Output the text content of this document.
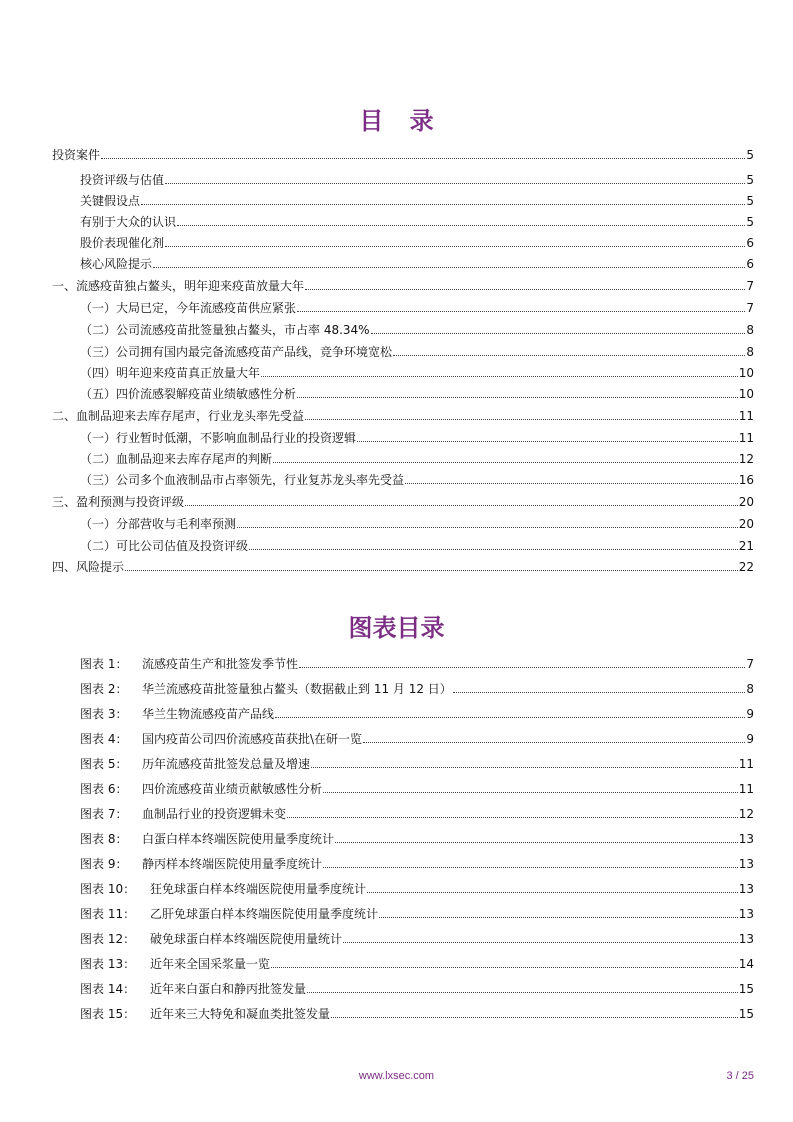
目 录
投资案件	5
投资评级与估值	5
关键假设点	5
有别于大众的认识	5
股价表现催化剂	6
核心风险提示	6
一、流感疫苗独占鳌头，明年迎来疫苗放量大年	7
（一）大局已定，今年流感疫苗供应紧张	7
（二）公司流感疫苗批签量独占鳌头，市占率 48.34%	8
（三）公司拥有国内最完备流感疫苗产品线，竞争环境宽松	8
（四）明年迎来疫苗真正放量大年	10
（五）四价流感裂解疫苗业绩敏感性分析	10
二、血制品迎来去库存尾声，行业龙头率先受益	11
（一）行业暂时低潮，不影响血制品行业的投资逻辑	11
（二）血制品迎来去库存尾声的判断	12
（三）公司多个血液制品市占率领先，行业复苏龙头率先受益	16
三、盈利预测与投资评级	20
（一）分部营收与毛利率预测	20
（二）可比公司估值及投资评级	21
四、风险提示	22
图表目录
图表 1： 流感疫苗生产和批签发季节性	7
图表 2： 华兰流感疫苗批签量独占鳌头（数据截止到 11 月 12 日）	8
图表 3： 华兰生物流感疫苗产品线	9
图表 4： 国内疫苗公司四价流感疫苗获批\在研一览	9
图表 5： 历年流感疫苗批签发总量及增速	11
图表 6： 四价流感疫苗业绩贡献敏感性分析	11
图表 7： 血制品行业的投资逻辑未变	12
图表 8： 白蛋白样本终端医院使用量季度统计	13
图表 9： 静丙样本终端医院使用量季度统计	13
图表 10： 狂免球蛋白样本终端医院使用量季度统计	13
图表 11： 乙肝免球蛋白样本终端医院使用量季度统计	13
图表 12： 破免球蛋白样本终端医院使用量统计	13
图表 13： 近年来全国采浆量一览	14
图表 14： 近年来白蛋白和静丙批签发量	15
图表 15： 近年来三大特免和凝血类批签发量	15
www.lxsec.com	3 / 25
